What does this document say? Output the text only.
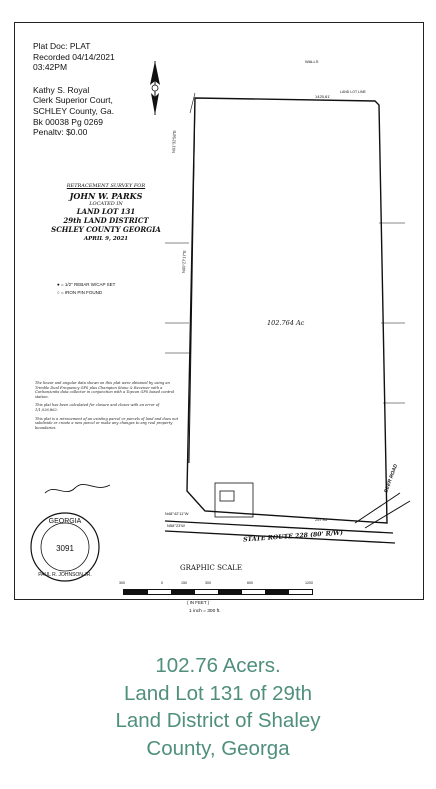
N01°32'58"E
N00°27'17"E
1425.61'
WALLS
LAND LOT LINE
N48°42'11"W
N58°23'W
257.95'
DEER ROAD
GEORGIA
3091
PAUL R. JOHNSON JR.
Plat Doc: PLAT
Recorded 04/14/2021
03:42PM
Kathy S. Royal
Clerk Superior Court,
SCHLEY County, Ga.
Bk 00038 Pg 0269
Penaltv: $0.00
RETRACEMENT SURVEY FOR
JOHN W. PARKS
LOCATED IN
LAND LOT 131
29th LAND DISTRICT
SCHLEY COUNTY GEORGIA
APRIL 9, 2021
● = 1/2" REBAR W/CAP SET
○ = IRON PIN FOUND

The linear and angular data shown on this plat were obtained by using an Trimble Dual Frequency GPS plus Champion Stone & Receiver with a Carlson/units data collector in conjunction with a Topcon GPS based control station.

This plat has been calculated for closure and closes with an error of 1/1,026,862.

This plat is a retracement of an existing parcel or parcels of land and does not subdivide or create a new parcel or make any changes to any real property boundaries.

102.764 Ac
STATE ROUTE 228 (80' R/W)
GRAPHIC SCALE
300	0	150	300	600	1200
( IN FEET )
1 inch = 300 ft.
102.76 Acers.
Land Lot 131 of 29th
Land District of Shaley
County, Georga
